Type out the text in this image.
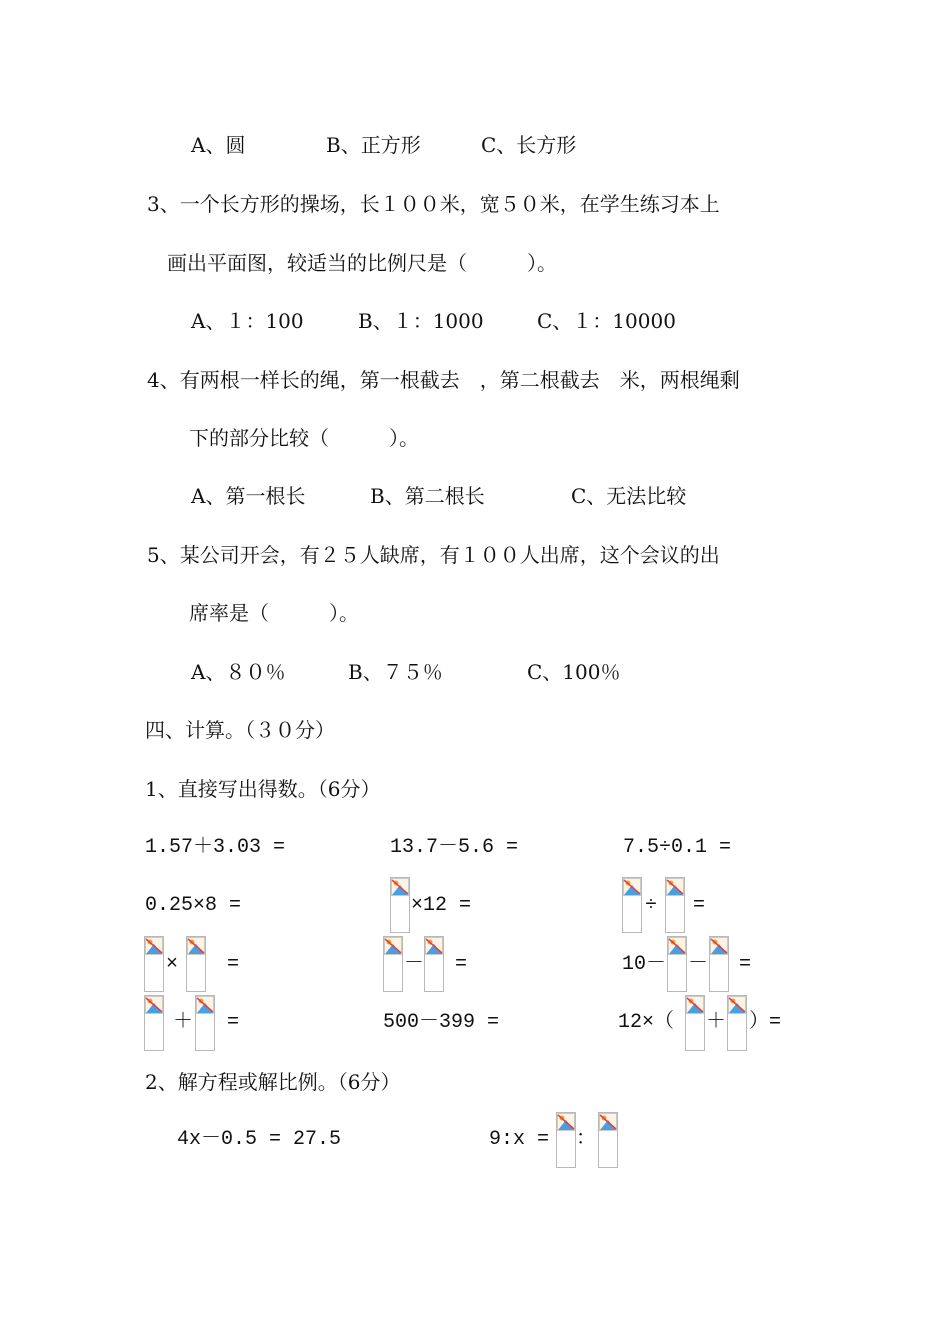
A、圆	B、正方形	C、长方形
3、一个长方形的操场，长１００米，宽５０米，在学生练习本上
画出平面图，较适当的比例尺是（　　　）。
A、１：100	B、１：1000	C、１：10000
4、有两根一样长的绳，第一根截去　，第二根截去　米，两根绳剩
下的部分比较（　　　）。
A、第一根长	B、第二根长	C、无法比较
5、某公司开会，有２５人缺席，有１００人出席，这个会议的出
席率是（　　　）。
A、８０％	B、７５％	C、100％
四、计算。（３０分）
1、直接写出得数。（6分）
1.57＋3.03 =	13.7－5.6 =	7.5÷0.1 =
0.25×8 =	×12 =	÷ =
× =	－ =	10－ － =
＋ =	500－399 =	12×（ ＋ ）=
2、解方程或解比例。（6分）
4x－0.5 = 27.5	9:x = ：
